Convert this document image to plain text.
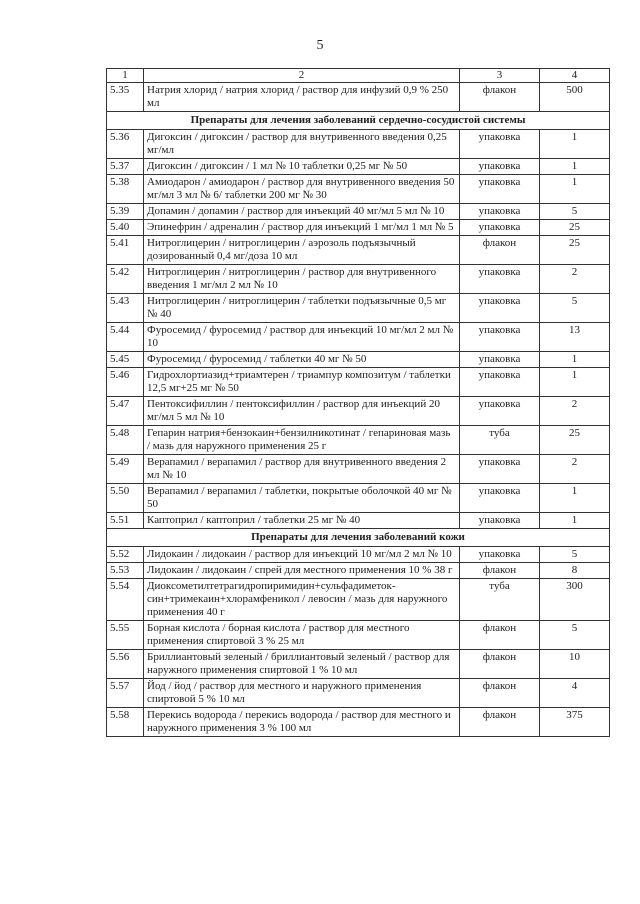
5
1	2	3	4
5.35	Натрия хлорид / натрия хлорид / раствор для инфузий 0,9 % 250 мл	флакон	500
Препараты для лечения заболеваний сердечно-сосудистой системы			
5.36	Дигоксин / дигоксин / раствор для внутривенного введения 0,25 мг/мл	упаковка	1
5.37	Дигоксин / дигоксин / 1 мл № 10 таблетки 0,25 мг № 50	упаковка	1
5.38	Амиодарон / амиодарон / раствор для внутривенного введения 50 мг/мл 3 мл № 6/ таблетки 200 мг № 30	упаковка	1
5.39	Допамин / допамин / раствор для инъекций 40 мг/мл 5 мл № 10	упаковка	5
5.40	Эпинефрин / адреналин / раствор для инъекций 1 мг/мл 1 мл № 5	упаковка	25
5.41	Нитроглицерин / нитроглицерин / аэрозоль подъязычный дозированный 0,4 мг/доза 10 мл	флакон	25
5.42	Нитроглицерин / нитроглицерин / раствор для внутривенного введения 1 мг/мл 2 мл № 10	упаковка	2
5.43	Нитроглицерин / нитроглицерин / таблетки подъязычные 0,5 мг № 40	упаковка	5
5.44	Фуросемид / фуросемид / раствор для инъекций 10 мг/мл 2 мл № 10	упаковка	13
5.45	Фуросемид / фуросемид / таблетки 40 мг № 50	упаковка	1
5.46	Гидрохлортиазид+триамтерен / триампур композитум / таблетки 12,5 мг+25 мг № 50	упаковка	1
5.47	Пентоксифиллин / пентоксифиллин / раствор для инъекций 20 мг/мл 5 мл № 10	упаковка	2
5.48	Гепарин натрия+бензокаин+бензилникотинат / гепариновая мазь / мазь для наружного применения 25 г	туба	25
5.49	Верапамил / верапамил / раствор для внутривенного введения 2 мл № 10	упаковка	2
5.50	Верапамил / верапамил / таблетки, покрытые оболочкой 40 мг № 50	упаковка	1
5.51	Каптоприл / каптоприл / таблетки 25 мг № 40	упаковка	1
Препараты для лечения заболеваний кожи			
5.52	Лидокаин / лидокаин / раствор для инъекций 10 мг/мл 2 мл № 10	упаковка	5
5.53	Лидокаин / лидокаин / спрей для местного применения 10 % 38 г	флакон	8
5.54	Диоксометилтетрагидропиримидин+сульфадиметок-син+тримекаин+хлорамфеникол / левосин / мазь для наружного применения 40 г	туба	300
5.55	Борная кислота / борная кислота / раствор для местного применения спиртовой 3 % 25 мл	флакон	5
5.56	Бриллиантовый зеленый / бриллиантовый зеленый / раствор для наружного применения спиртовой 1 % 10 мл	флакон	10
5.57	Йод / йод / раствор для местного и наружного применения спиртовой 5 % 10 мл	флакон	4
5.58	Перекись водорода / перекись водорода / раствор для местного и наружного применения 3 % 100 мл	флакон	375
